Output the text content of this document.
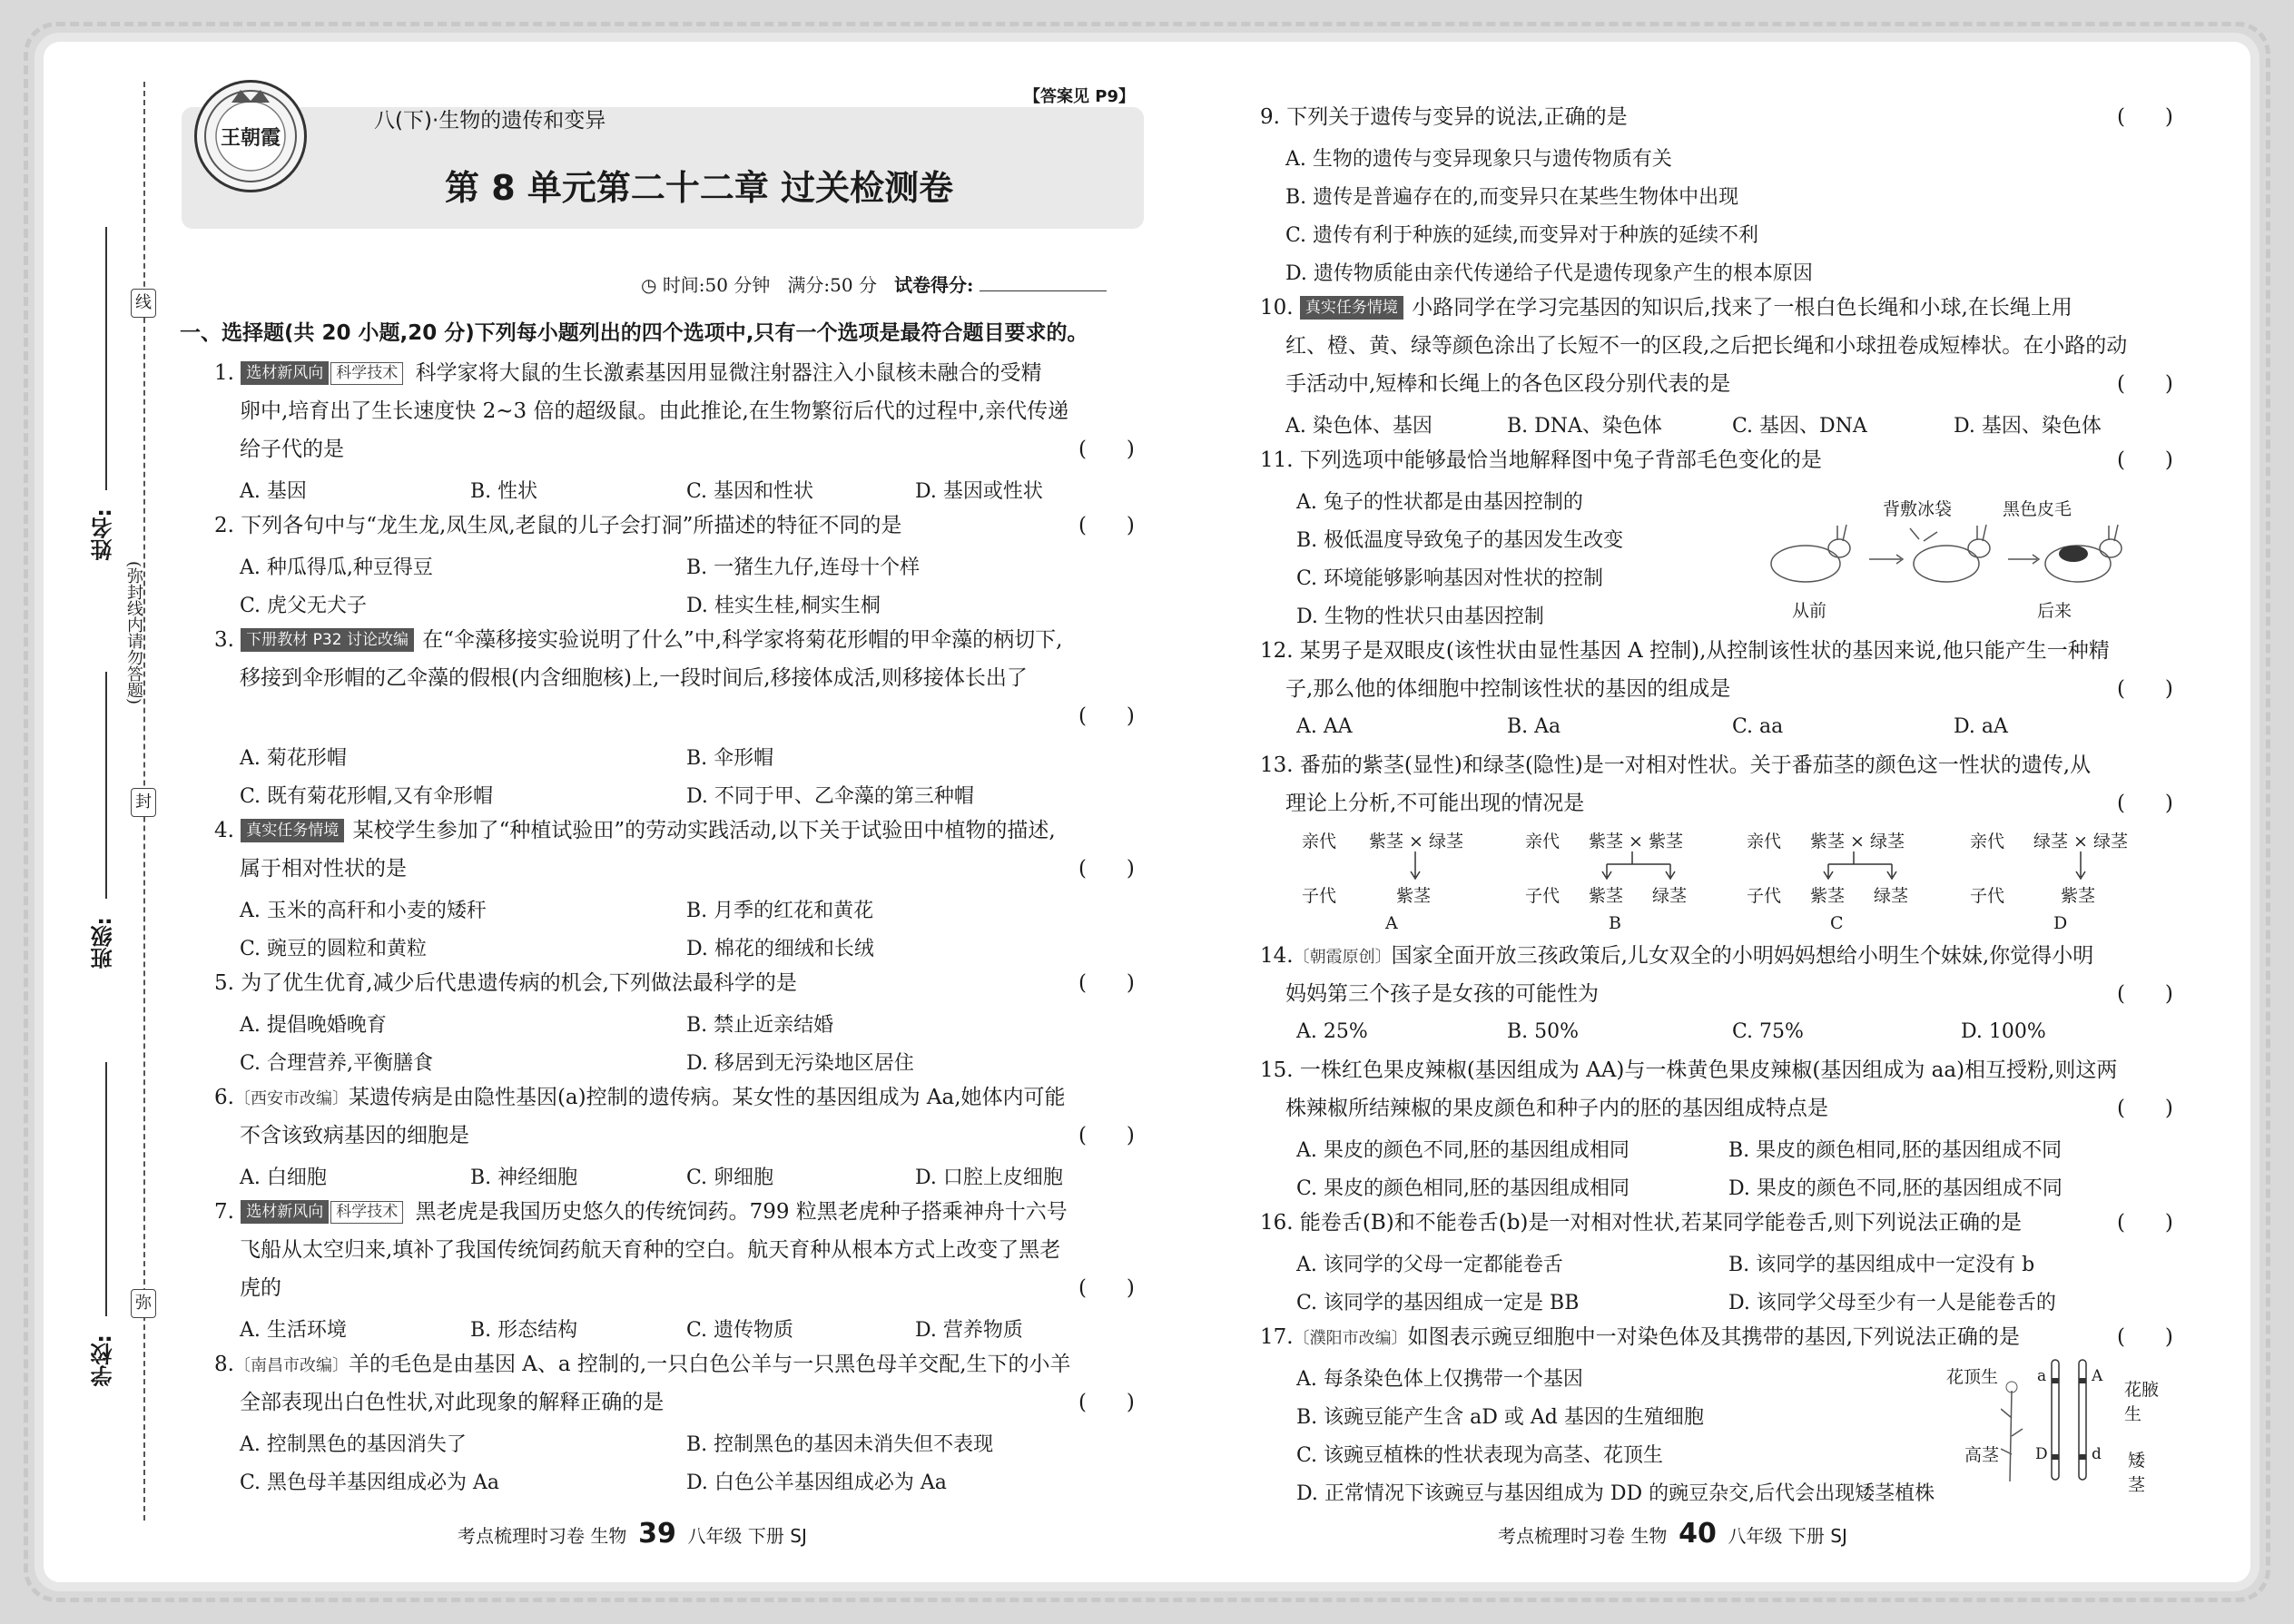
线
封
弥
(弥封线内请勿答题)
姓名:
班级:
学校:
王朝霞
八(下)·生物的遗传和变异
【答案见 P9】
第 8 单元第二十二章 过关检测卷
◷ 时间:50 分钟 满分:50 分 试卷得分:
一、选择题(共 20 小题,20 分)下列每小题列出的四个选项中,只有一个选项是最符合题目要求的。
1. 选材新风向 科学技术 科学家将大鼠的生长激素基因用显微注射器注入小鼠核未融合的受精
卵中,培育出了生长速度快 2~3 倍的超级鼠。由此推论,在生物繁衍后代的过程中,亲代传递
给子代的是	(      )
A. 基因	B. 性状	C. 基因和性状	D. 基因或性状
2. 下列各句中与“龙生龙,凤生凤,老鼠的儿子会打洞”所描述的特征不同的是	(      )
A. 种瓜得瓜,种豆得豆	B. 一猪生九仔,连母十个样
C. 虎父无犬子	D. 桂实生桂,桐实生桐
3. 下册教材 P32 讨论改编 在“伞藻移接实验说明了什么”中,科学家将菊花形帽的甲伞藻的柄切下,
移接到伞形帽的乙伞藻的假根(内含细胞核)上,一段时间后,移接体成活,则移接体长出了
(      )
A. 菊花形帽	B. 伞形帽
C. 既有菊花形帽,又有伞形帽	D. 不同于甲、乙伞藻的第三种帽
4. 真实任务情境 某校学生参加了“种植试验田”的劳动实践活动,以下关于试验田中植物的描述,
属于相对性状的是	(      )
A. 玉米的高秆和小麦的矮秆	B. 月季的红花和黄花
C. 豌豆的圆粒和黄粒	D. 棉花的细绒和长绒
5. 为了优生优育,减少后代患遗传病的机会,下列做法最科学的是	(      )
A. 提倡晚婚晚育	B. 禁止近亲结婚
C. 合理营养,平衡膳食	D. 移居到无污染地区居住
6.〔西安市改编〕某遗传病是由隐性基因(a)控制的遗传病。某女性的基因组成为 Aa,她体内可能
不含该致病基因的细胞是	(      )
A. 白细胞	B. 神经细胞	C. 卵细胞	D. 口腔上皮细胞
7. 选材新风向 科学技术 黑老虎是我国历史悠久的传统饲药。799 粒黑老虎种子搭乘神舟十六号
飞船从太空归来,填补了我国传统饲药航天育种的空白。航天育种从根本方式上改变了黑老
虎的	(      )
A. 生活环境	B. 形态结构	C. 遗传物质	D. 营养物质
8.〔南昌市改编〕羊的毛色是由基因 A、a 控制的,一只白色公羊与一只黑色母羊交配,生下的小羊
全部表现出白色性状,对此现象的解释正确的是	(      )
A. 控制黑色的基因消失了	B. 控制黑色的基因未消失但不表现
C. 黑色母羊基因组成必为 Aa	D. 白色公羊基因组成必为 Aa
考点梳理时习卷 生物 39 八年级 下册 SJ
9. 下列关于遗传与变异的说法,正确的是	(      )
A. 生物的遗传与变异现象只与遗传物质有关
B. 遗传是普遍存在的,而变异只在某些生物体中出现
C. 遗传有利于种族的延续,而变异对于种族的延续不利
D. 遗传物质能由亲代传递给子代是遗传现象产生的根本原因
10. 真实任务情境 小路同学在学习完基因的知识后,找来了一根白色长绳和小球,在长绳上用
红、橙、黄、绿等颜色涂出了长短不一的区段,之后把长绳和小球扭卷成短棒状。在小路的动
手活动中,短棒和长绳上的各色区段分别代表的是	(      )
A. 染色体、基因	B. DNA、染色体	C. 基因、DNA	D. 基因、染色体
11. 下列选项中能够最恰当地解释图中兔子背部毛色变化的是	(      )
A. 兔子的性状都是由基因控制的
B. 极低温度导致兔子的基因发生改变
C. 环境能够影响基因对性状的控制
D. 生物的性状只由基因控制
背敷冰袋	黑色皮毛
从前	后来
12. 某男子是双眼皮(该性状由显性基因 A 控制),从控制该性状的基因来说,他只能产生一种精
子,那么他的体细胞中控制该性状的基因的组成是	(      )
A. AA	B. Aa	C. aa	D. aA
13. 番茄的紫茎(显性)和绿茎(隐性)是一对相对性状。关于番茄茎的颜色这一性状的遗传,从
理论上分析,不可能出现的情况是	(      )
亲代 紫茎 × 绿茎
子代	紫茎
A
亲代 紫茎 × 紫茎
子代 紫茎 绿茎
B
亲代 紫茎 × 绿茎
子代 紫茎 绿茎
C
亲代 绿茎 × 绿茎
子代	紫茎
D
14.〔朝霞原创〕国家全面开放三孩政策后,儿女双全的小明妈妈想给小明生个妹妹,你觉得小明
妈妈第三个孩子是女孩的可能性为	(      )
A. 25%	B. 50%	C. 75%	D. 100%
15. 一株红色果皮辣椒(基因组成为 AA)与一株黄色果皮辣椒(基因组成为 aa)相互授粉,则这两
株辣椒所结辣椒的果皮颜色和种子内的胚的基因组成特点是	(      )
A. 果皮的颜色不同,胚的基因组成相同	B. 果皮的颜色相同,胚的基因组成不同
C. 果皮的颜色相同,胚的基因组成相同	D. 果皮的颜色不同,胚的基因组成不同
16. 能卷舌(B)和不能卷舌(b)是一对相对性状,若某同学能卷舌,则下列说法正确的是	(      )
A. 该同学的父母一定都能卷舌	B. 该同学的基因组成中一定没有 b
C. 该同学的基因组成一定是 BB	D. 该同学父母至少有一人是能卷舌的
17.〔濮阳市改编〕如图表示豌豆细胞中一对染色体及其携带的基因,下列说法正确的是	(      )
A. 每条染色体上仅携带一个基因
B. 该豌豆能产生含 aD 或 Ad 基因的生殖细胞
C. 该豌豆植株的性状表现为高茎、花顶生
D. 正常情况下该豌豆与基因组成为 DD 的豌豆杂交,后代会出现矮茎植株
花顶生
花腋生
高茎	矮茎
a	A
D	d
考点梳理时习卷 生物 40 八年级 下册 SJ
